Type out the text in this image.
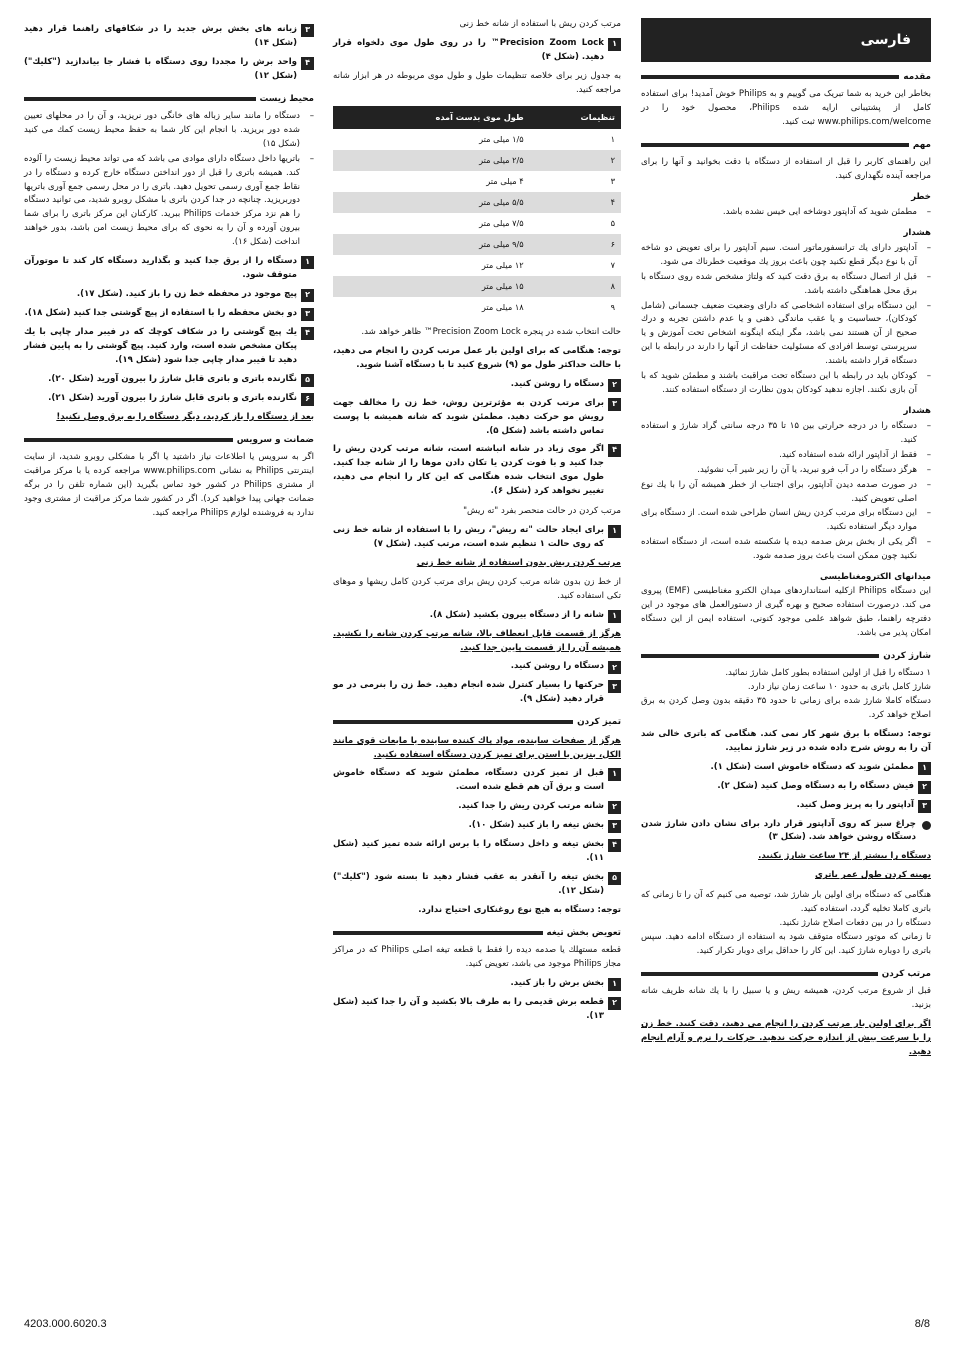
فارسی
مقدمه

بخاطر این خرید به شما تبریک می گوییم و به Philips خوش آمدید! برای استفاده کامل از پشتیبانی ارایه شده Philips، محصول خود را در www.philips.com/welcome ثبت کنید.

مهم

این راهنمای کاربر را قبل از استفاده از دستگاه با دقت بخوانید و آنها را برای مراجعه آینده نگهداری کنید.

خطر
– مطمئن شوید که آداپتور دوشاخه ایی خیس نشده باشد.
هشدار
– آداپتور دارای یك ترانسفورماتور است. سیم آداپتور را برای تعویض دو شاخه آن با نوع دیگر قطع نکنید چون باعث بروز یك موقعیت خطرناك می شود.
– قبل از اتصال دستگاه به برق دقت کنید که ولتاژ مشخص شده روی دستگاه با برق محل هماهنگی داشته باشد.
– این دستگاه برای استفاده اشخاصی که دارای وضعیت ضعیف جسمانی (شامل کودکان)، حساسیت و یا عقب ماندگی ذهنی و یا عدم داشتن تجربه و درك صحیح از آن هستند نمی باشد، مگر اینکه اینگونه اشخاص تحت آموزش و یا سرپرستی توسط افرادی که مسئولیت حفاظت از آنها را دارند در رابطه با این دستگاه قرار داشته باشند.
– کودکان باید در رابطه با این دستگاه تحت مراقبت باشند و مطمئن شوید که با آن بازی نکنند. اجازه ندهید کودکان بدون نظارت از دستگاه استفاده کنند.
هشدار
– دستگاه را در درجه حرارتی بین ۱۵ تا ۳۵ درجه سانتی گراد شارژ و استفاده کنید.
– فقط از آداپتور ارائه شده استفاده کنید.
– هرگز دستگاه را در آب فرو نبرید، یا آن را زیر شیر آب نشوئید.
– در صورت صدمه دیدن آداپتور، برای اجتناب از خطر همیشه آن را با یك نوع اصلی تعویض کنید.
– این دستگاه برای مرتب کردن ریش انسان طراحی شده است. از دستگاه برای موارد دیگر استفاده نکنید.
– اگر یکی از بخش برش صدمه دیده یا شکسته شده است، از دستگاه استفاده نکنید چون ممکن است باعث بروز صدمه شود.
میدانهای الکترومغناطیسی

این دستگاه Philips ازکلیه استانداردهای میدان الکترو مغناطیسی (EMF) پیروی می کند. درصورت استفاده صحیح و بهره گیری از دستورالعمل های موجود در این دفترچه راهنما، طبق شواهد علمی موجود کنونی، استفاده ایمن از این دستگاه امکان پذیر می باشد.

شارژ کردن

۱ دستگاه را قبل از اولین استفاده بطور کامل شارژ نمائید.

شارژ کامل باتری به حدود ۱۰ ساعت زمان نیاز دارد.

دستگاه کاملا شارژ شده برای زمانی تا حدود ۳۵ دقیقه بدون وصل کردن به برق اصلاح خواهد کرد.

توجه: دستگاه با برق شهر کار نمی کند. هنگامی که باتری خالی شد آن را به روش شرح داده شده در زیر شارژ نمایید.

۱
مطمئن شوید که دستگاه خاموش است (شکل ۱).
۲
فیش دستگاه را به دستگاه وصل کنید (شکل ۲).
۳
آداپتور را به پریز وصل کنید.
چراغ سبز که روی آداپتور قرار دارد برای نشان دادن شارژ شدن دستگاه روشن خواهد شد. (شکل ۳)

دستگاه را بیشتر از ۲۴ ساعت شارژ نکنید.

بهینه کردن طول عمر باتری

هنگامی که دستگاه برای اولین بار شارژ شد، توصیه می کنیم که آن را تا زمانی که باتری کاملا تخلیه گردد، استفاده کنید.

دستگاه را در بین دفعات اصلاح شارژ نکنید.

تا زمانی که موتور دستگاه متوقف شود به استفاده از دستگاه ادامه دهید. سپس باتری را دوباره شارژ کنید. این کار را حداقل برای دوبار تکرار کنید.

مرتب کردن

قبل از شروع مرتب کردن، همیشه ریش و یا سبیل را با یك شانه ظریف شانه بزنید.

اگر برای اولین بار مرتب کردن را انجام می دهید، دقت کنید. خط زن را با سرعت بیش از اندازه حرکت ندهید. حرکات را نرم و آرام انجام دهید.

مرتب کردن ریش با استفاده از شانه خط زنی

۱
Precision Zoom Lock™ را در روی طول موی دلخواه قرار دهید. (شکل ۴)

به جدول زیر برای خلاصه تنظیمات طول و طول موی مربوطه در هر ابزار شانه مراجعه کنید.

تنظیمات	طول موی بدست آمده
۱	۱/۵ میلی متر
۲	۲/۵ میلی متر
۳	۴ میلی متر
۴	۵/۵ میلی متر
۵	۷/۵ میلی متر
۶	۹/۵ میلی متر
۷	۱۲ میلی متر
۸	۱۵ میلی متر
۹	۱۸ میلی متر

حالت انتخاب شده در پنجره Precision Zoom Lock™ ظاهر خواهد شد.

توجه: هنگامی که برای اولین بار عمل مرتب کردن را انجام می دهید، با حالت حداکثر طول مو (۹) شروع کنید تا با دستگاه آشنا شوید.

۲
دستگاه را روشن کنید.
۳
برای مرتب کردن به مؤثرترین روش، خط زن را مخالف جهت رویش مو حرکت دهید. مطمئن شوید که شانه همیشه با پوست تماس داشته باشد (شکل ۵).
۴
اگر موی زیاد در شانه انباشته است، شانه مرتب کردن ریش را جدا کنید و با فوت کردن یا تکان دادن موها را از شانه جدا کنید. طول موی انتخاب شده هنگامی که این کار را انجام می دهید، تغییر نخواهد کرد (شکل ۶).

مرتب کردن در حالت منحصر بفرد "ته ریش"

۱
برای ایجاد حالت "ته ریش"، ریش را با استفاده از شانه خط زنی که روی حالت ۱ تنظیم شده است، مرتب کنید. (شکل ۷)

مرتب کردن ریش بدون استفاده از شانه خط زنی

از خط زن بدون شانه مرتب کردن ریش برای مرتب کردن کامل ریشها و موهای تکی استفاده کنید.

۱
شانه را از دستگاه بیرون بکشید (شکل ۸).

هرگز از قسمت قابل انعطاف بالا، شانه مرتب کردن شانه را نکشید. همیشه آن را از قسمت پایین جدا کنید.

۲
دستگاه را روشن کنید.
۳
حرکتها را بسیار کنترل شده انجام دهید. خط زن را بنرمی در مو قرار دهید (شکل ۹).
تمیز کردن

هرگز از صفحات ساینده، مواد پاك کننده ساینده یا مایعات قوی مانند الکل، بنزین یا استن برای تمیز کردن دستگاه استفاده نکنید.

۱
قبل از تمیز کردن دستگاه، مطمئن شوید که دستگاه خاموش است و برق آن هم قطع شده است.
۲
شانه مرتب کردن ریش را جدا کنید.
۳
بخش تیغه را باز کنید (شکل ۱۰).
۴
بخش تیغه و داخل دستگاه را با برس ارائه شده تمیز کنید (شکل ۱۱).
۵
بخش تیغه را آنقدر به عقب فشار دهید تا بسته شود ("کلیك") (شکل ۱۲).

توجه: دستگاه به هیچ نوع روغنکاری احتیاج ندارد.

تعویض بخش تیغه

قطعه مستهلك یا صدمه دیده را فقط با قطعه تیغه اصلی Philips که در مراکز مجاز Philips موجود می باشد، تعویض کنید.

۱
بخش برش را باز کنید.
۲
قطعه برش قدیمی را به طرف بالا بکشید و آن را جدا کنید (شکل ۱۳).
۳
زبانه های بخش برش جدید را در شکافهای راهنما قرار دهید (شکل ۱۴)
۴
واحد برش را مجددا روی دستگاه با فشار جا بیاندازید ("کلیك") (شکل ۱۲)
محیط زیست
– دستگاه را مانند سایر زباله های خانگی دور نریزید، و آن را در محلهای تعیین شده دور بریزید. با انجام این کار شما به حفظ محیط زیست کمك می کنید (شکل ۱۵)
– باتریها داخل دستگاه دارای موادی می باشد که می تواند محیط زیست را آلوده کند. همیشه باتری را قبل از دور انداختن دستگاه خارج کرده و دستگاه را در نقاط جمع آوری رسمی تحویل دهید. باتری را در محل رسمی جمع آوری باتریها دوربریزید. چنانچه در جدا کردن باتری با مشکل روبرو شدید، می توانید دستگاه را هم نزد مرکز خدمات Philips ببرید. کارکنان این مرکز باتری را برای شما بیرون آورده و آن را به نحوی که برای محیط زیست امن باشد، بدور خواهند انداخت (شکل ۱۶).
۱
دستگاه را از برق جدا کنید و بگذارید دستگاه کار کند تا موتورآن متوقف شود.
۲
پیچ موجود در محفظه خط زن را باز کنید. (شکل ۱۷).
۳
دو بخش محفظه را با استفاده از پیچ گوشتی جدا کنید (شکل ۱۸).
۴
یك پیچ گوشتی را در شکاف کوچك که در فیبر مدار چاپی با یك پیکان مشخص شده است، وارد کنید. پیچ گوشتی را به پایین فشار دهید تا فیبر مدار چاپی جدا شود (شکل ۱۹).
۵
نگارنده باتری و باتری قابل شارژ را بیرون آورید (شکل ۲۰).
۶
نگارنده باتری و باتری قابل شارژ را بیرون آورید (شکل ۲۱).

بعد از دستگاه را باز کردید، دیگر دستگاه را به برق وصل نکنید!

ضمانت و سرویس

اگر به سرویس یا اطلاعات نیاز داشتید یا اگر با مشکلی روبرو شدید، از سایت اینترنتی Philips به نشانی www.philips.com مراجعه کرده یا با مرکز مراقبت از مشتری Philips در کشور خود تماس بگیرید (این شماره تلفن را در برگه ضمانت جهانی پیدا خواهید کرد). اگر در کشور شما مرکز مراقبت از مشتری وجود ندارد به فروشنده لوازم Philips مراجعه کنید.

4203.000.6020.3	8/8
